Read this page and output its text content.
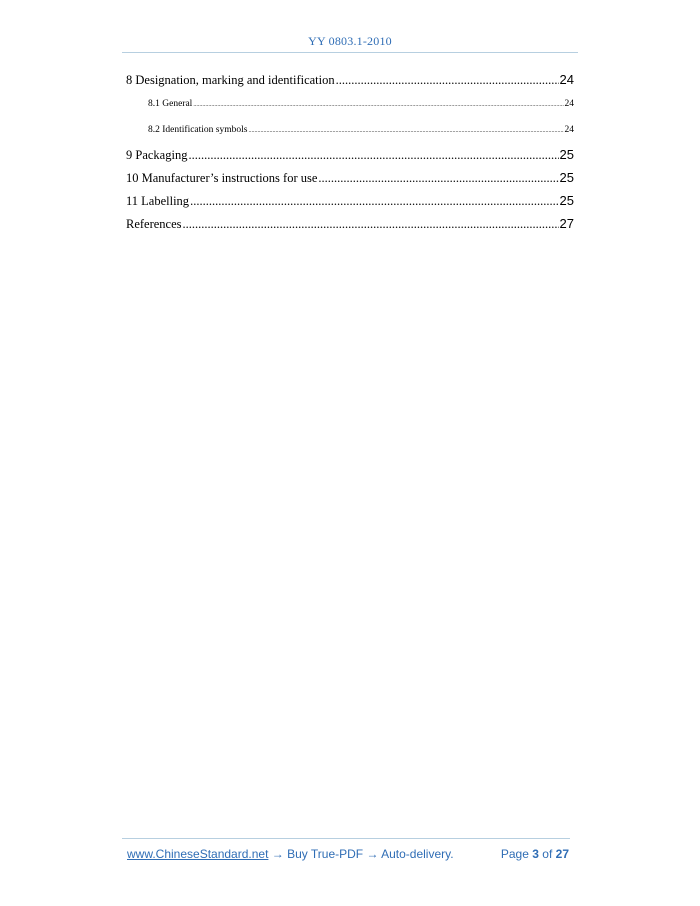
YY 0803.1-2010
8 Designation, marking and identification .....	24
8.1 General .....	24
8.2 Identification symbols .....	24
9 Packaging .....	25
10 Manufacturer’s instructions for use .....	25
11 Labelling .....	25
References .....	27
www.ChineseStandard.net → Buy True-PDF → Auto-delivery.	Page 3 of 27
